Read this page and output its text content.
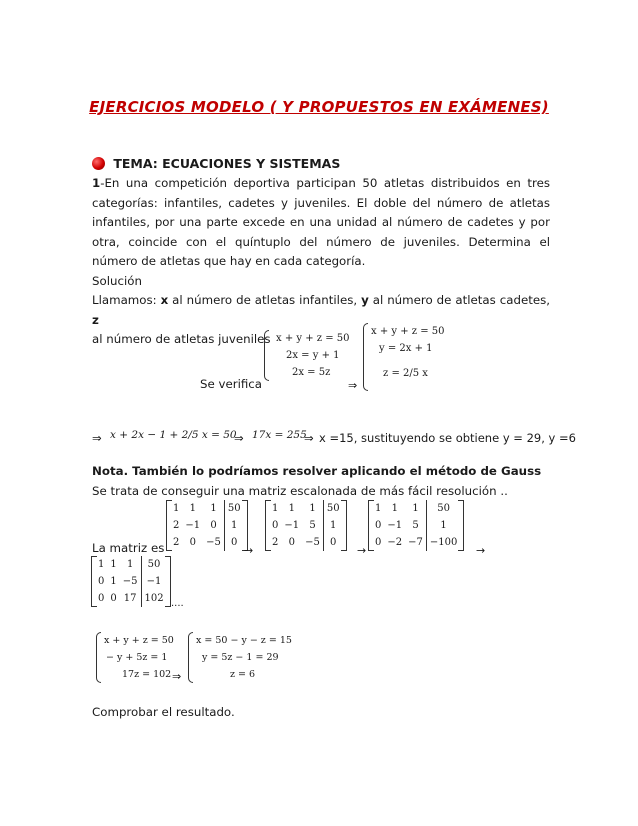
EJERCICIOS MODELO ( Y PROPUESTOS EN EXÁMENES)
TEMA: ECUACIONES Y SISTEMAS

1-En una competición deportiva participan 50 atletas distribuidos en tres categorías: infantiles, cadetes y juveniles. El doble del número de atletas infantiles, por una parte excede en una unidad al número de cadetes y por otra, coincide con el quíntuplo del número de juveniles. Determina el número de atletas que hay en cada categoría.

Solución

Llamamos: x al número de atletas infantiles, y al número de atletas cadetes, z

al número de atletas juveniles x + y + z = 50
2x = y + 1
2x = 5z
Se verifica	⇒
x + y + z = 50
y = 2x + 1
z = 2/5 x
⇒ x + 2x − 1 + 2/5 x = 50
⇒ 17x = 255
⇒ x =15, sustituyendo se obtiene y = 29, y =6

Nota. También lo podríamos resolver aplicando el método de Gauss

Se trata de conseguir una matriz escalonada de más fácil resolución ..

La matriz es
1	1	1	50
2	−1	0	1
2	0	−5	0
→
1	1	1	50
0	−1	5	1
2	0	−5	0
→
1	1	1	50
0	−1	5	1
0	−2	−7	−100
→
1	1	1	50
0	1	−5	−1
0	0	17	102 ....
x + y + z = 50
− y + 5z = 1
17z = 102 ⇒
x = 50 − y − z = 15
y = 5z − 1 = 29
z = 6
Comprobar el resultado.
